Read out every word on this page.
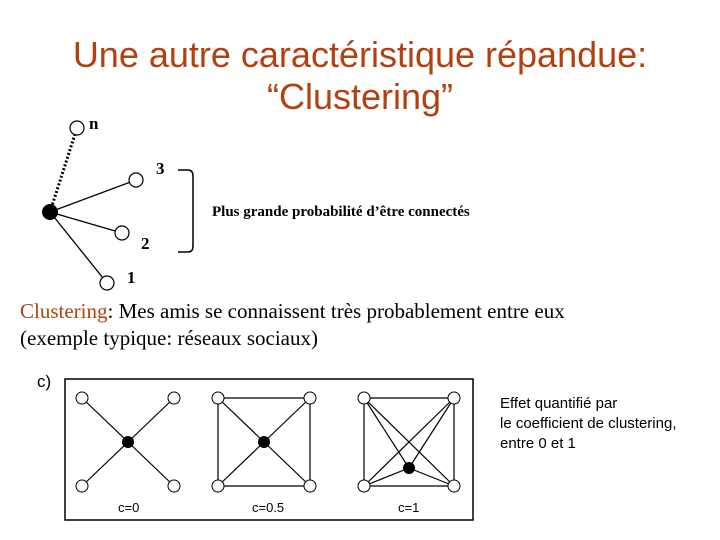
Une autre caractéristique répandue:
“Clustering”
n
3
2
1
Plus grande probabilité d’être connectés
Clustering: Mes amis se connaissent très probablement entre eux
(exemple typique: réseaux sociaux)
c)
c=0	c=0.5	c=1
Effet quantifié par
le coefficient de clustering,
entre 0 et 1
